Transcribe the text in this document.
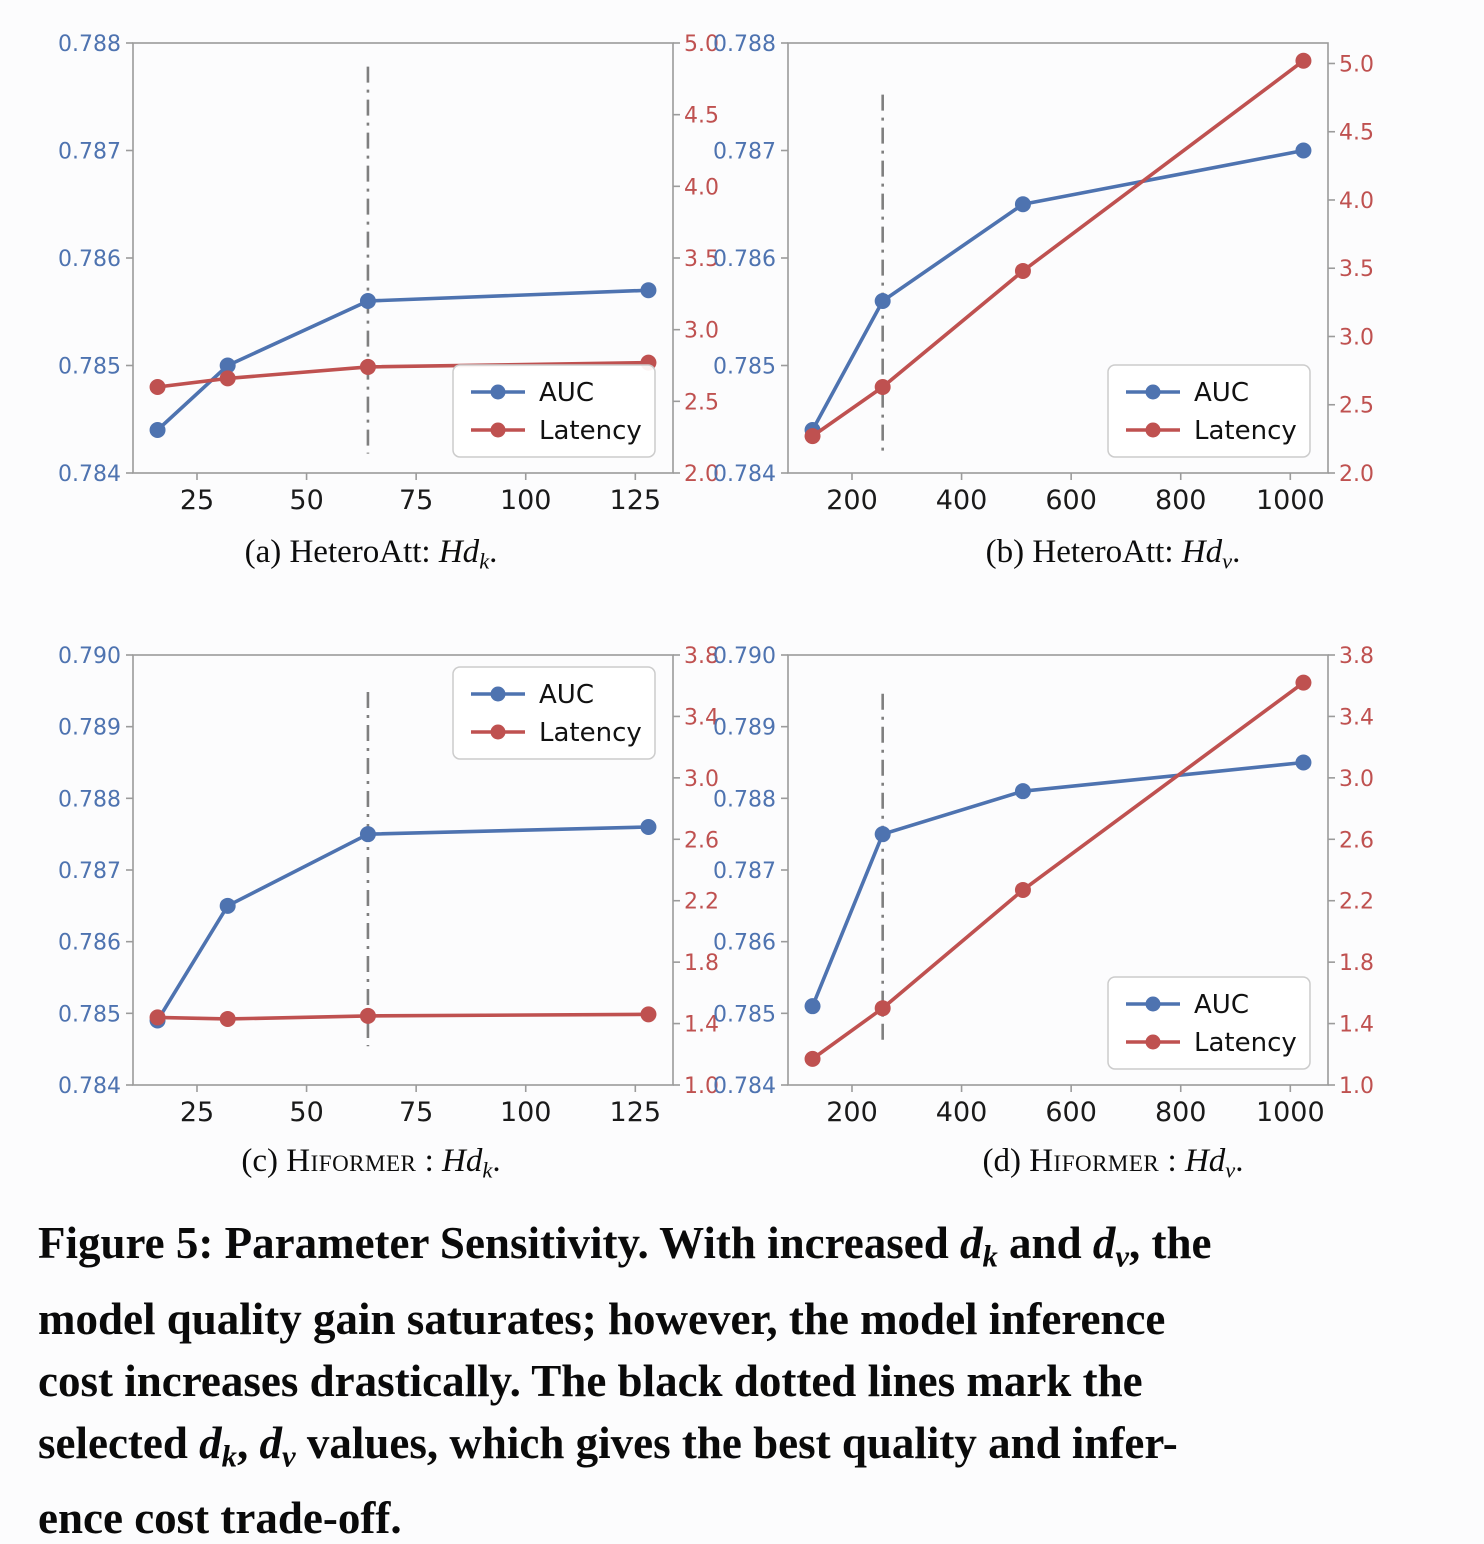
25	50	75 100 125
0.784
0.785
0.786
0.787
0.788
2.0
2.5
3.0
3.5
4.0
4.5
5.0
AUC
Latency
200 400 600 800 1000
0.784
0.785
0.786
0.787
0.788
2.0
2.5
3.0
3.5
4.0
4.5
5.0
AUC
Latency
(a) HeteroAtt: Hdk.	(b) HeteroAtt: Hdv.
25	50	75 100 125
0.784
0.785
0.786
0.787
0.788
0.789
0.790
1.0
1.4
1.8
2.2
2.6
3.0
3.4
3.8
AUC
Latency
200 400 600 800 1000
0.784
0.785
0.786
0.787
0.788
0.789
0.790
1.0
1.4
1.8
2.2
2.6
3.0
3.4
3.8
AUC
Latency
(c) Hiformer : Hdk.	(d) Hiformer : Hdv.
Figure 5: Parameter Sensitivity. With increased dk and dv, the
model quality gain saturates; however, the model inference
cost increases drastically. The black dotted lines mark the
selected dk, dv values, which gives the best quality and infer-
ence cost trade-off.
